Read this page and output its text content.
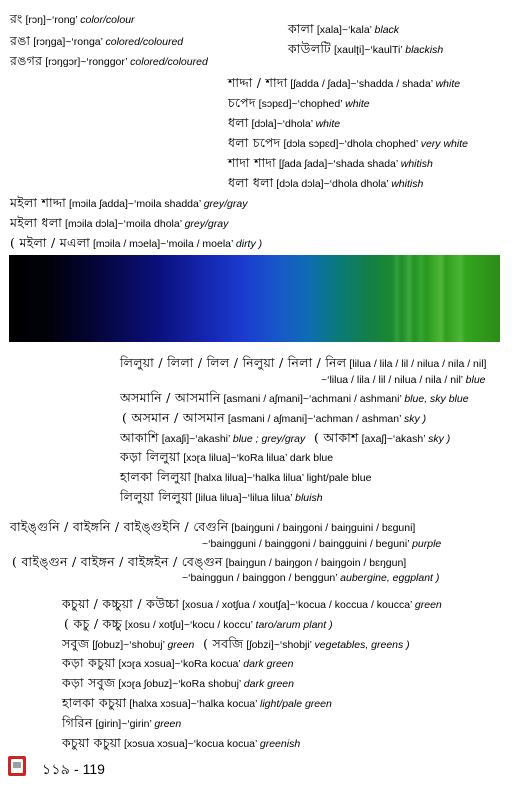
রং [rɔŋ]~‘rong’ color/colour
রঙা [rɔŋga]~‘ronga’ colored/coloured
রঙগর [rɔŋgɔr]~‘ronggor’ colored/coloured
কালা [xala]~‘kala’ black
কাউলটি [xaulʈi]~‘kaulTi’ blackish
শাদ্দা / শাদা [ʃadda / ʃada]~‘shadda / shada’ white
চপেদ [sɔpɛd]~‘chophed’ white
ধলা [dɔla]~‘dhola’ white
ধলা চপেদ [dɔla sɔpɛd]~‘dhola chophed’ very white
শাদা শাদা [ʃada ʃada]~‘shada shada’ whitish
ধলা ধলা [dɔla dɔla]~‘dhola dhola’ whitish
মইলা শাদ্দা [mɔila ʃadda]~‘moila shadda’ grey/gray
মইলা ধলা [mɔila dɔla]~‘moila dhola’ grey/gray
( মইলা / মএলা [mɔila / mɔela]~‘moila / moela’ dirty )
লিলুয়া / লিলা / লিল / নিলুয়া / নিলা / নিল [lilua / lila / lil / nilua / nila / nil]
~‘lilua / lila / lil / nilua / nila / nil’ blue
অসমানি / আসমানি [asmani / aʃmani]~‘achmani / ashmani’ blue, sky blue
( অসমান / আসমান [asmani / aʃmani]~‘achman / ashman’ sky )
আকাশি [axaʃi]~‘akashi’ blue ; grey/gray ( আকাশ [axaʃ]~‘akash’ sky )
কড়া লিলুয়া [xɔɽa lilua]~‘koRa lilua’ dark blue
হালকা লিলুয়া [halxa lilua]~‘halka lilua’ light/pale blue
লিলুয়া লিলুয়া [lilua lilua]~‘lilua lilua’ bluish
বাইঙ্গুনি / বাইঙ্গনি / বাইঙ্গুইনি / বেগুনি [baiŋguni / baiŋgoni / baiŋguini / bɛguni]
~‘baingguni / bainggoni / baingguini / beguni’ purple
( বাইঙ্গুন / বাইঙ্গন / বাইঙ্গইন / বেঙ্গুন [baiŋgun / baiŋgon / baiŋgoin / bɛŋgun]
~‘bainggun / bainggon / benggun’ aubergine, eggplant )
কচুয়া / কচ্চুয়া / কউচ্চা [xosua / xotʃua / xoutʃa]~‘kocua / koccua / koucca’ green
( কচু / কচ্চু [xosu / xotʃu]~‘kocu / koccu’ taro/arum plant )
সবুজ [ʃobuz]~‘shobuj’ green ( সবজি [ʃobzi]~‘shobji’ vegetables, greens )
কড়া কচুয়া [xɔɽa xɔsua]~‘koRa kocua’ dark green
কড়া সবুজ [xɔɽa ʃobuz]~‘koRa shobuj’ dark green
হালকা কচুয়া [halxa xɔsua]~‘halka kocua’ light/pale green
গিরিন [girin]~‘girin’ green
কচুয়া কচুয়া [xɔsua xɔsua]~‘kocua kocua’ greenish
১১৯ - 119
